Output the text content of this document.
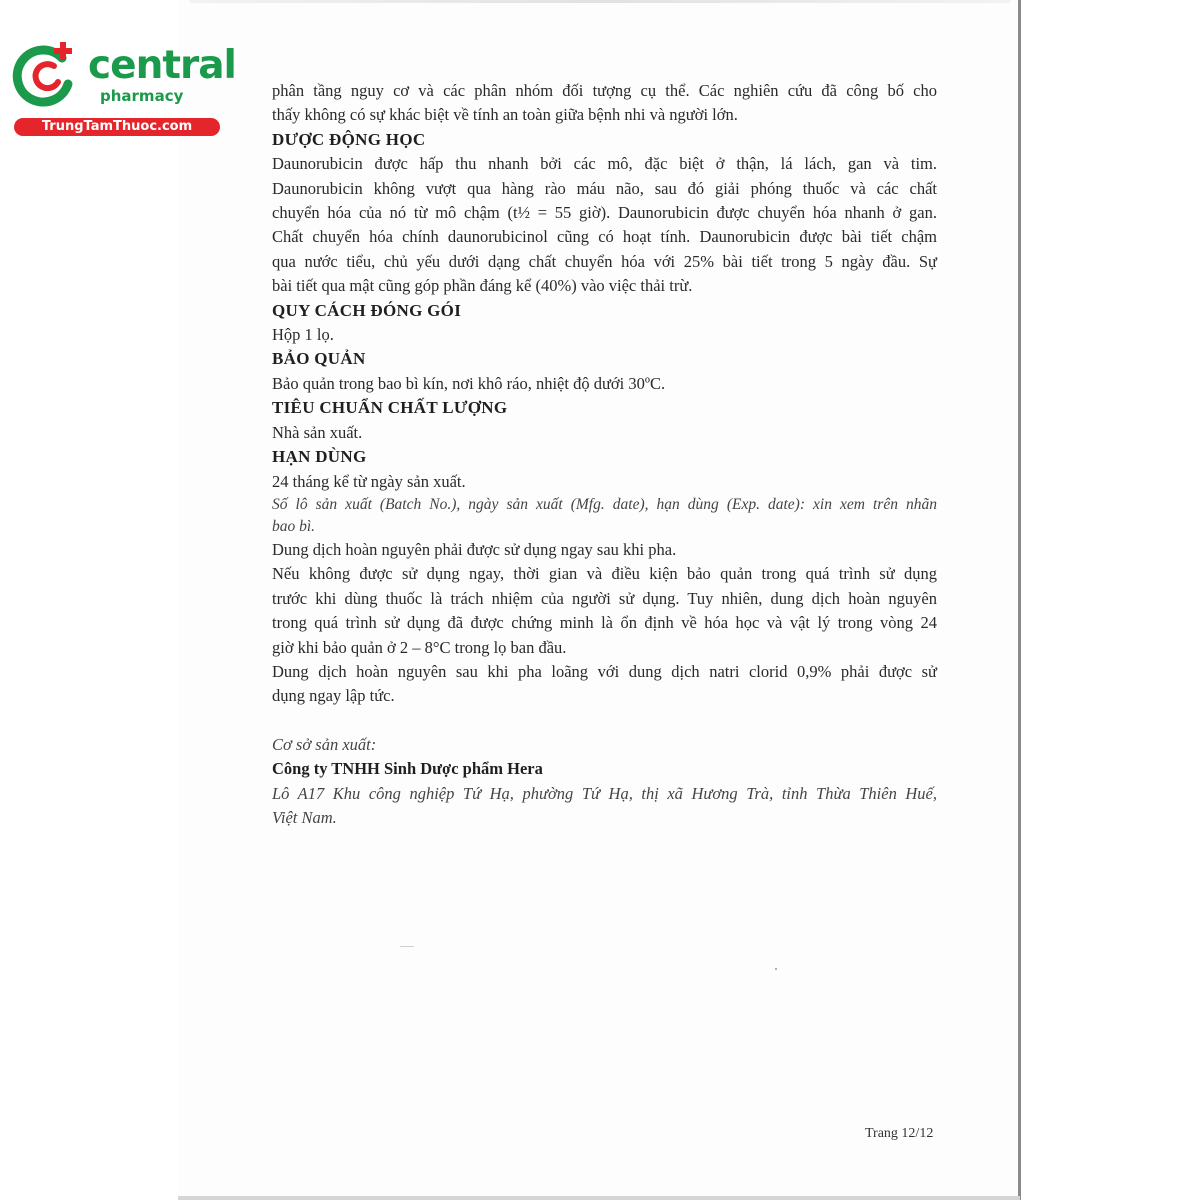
central
pharmacy
TrungTamThuoc.com

phân tầng nguy cơ và các phân nhóm đối tượng cụ thể. Các nghiên cứu đã công bố cho

thấy không có sự khác biệt về tính an toàn giữa bệnh nhi và người lớn.

DƯỢC ĐỘNG HỌC

Daunorubicin được hấp thu nhanh bởi các mô, đặc biệt ở thận, lá lách, gan và tim.

Daunorubicin không vượt qua hàng rào máu não, sau đó giải phóng thuốc và các chất

chuyển hóa của nó từ mô chậm (t½ = 55 giờ). Daunorubicin được chuyển hóa nhanh ở gan.

Chất chuyển hóa chính daunorubicinol cũng có hoạt tính. Daunorubicin được bài tiết chậm

qua nước tiểu, chủ yếu dưới dạng chất chuyển hóa với 25% bài tiết trong 5 ngày đầu. Sự

bài tiết qua mật cũng góp phần đáng kể (40%) vào việc thải trừ.

QUY CÁCH ĐÓNG GÓI

Hộp 1 lọ.

BẢO QUẢN

Bảo quản trong bao bì kín, nơi khô ráo, nhiệt độ dưới 30ºC.

TIÊU CHUẨN CHẤT LƯỢNG

Nhà sản xuất.

HẠN DÙNG

24 tháng kể từ ngày sản xuất.

Số lô sản xuất (Batch No.), ngày sản xuất (Mfg. date), hạn dùng (Exp. date): xin xem trên nhãn

bao bì.

Dung dịch hoàn nguyên phải được sử dụng ngay sau khi pha.

Nếu không được sử dụng ngay, thời gian và điều kiện bảo quản trong quá trình sử dụng

trước khi dùng thuốc là trách nhiệm của người sử dụng. Tuy nhiên, dung dịch hoàn nguyên

trong quá trình sử dụng đã được chứng minh là ổn định về hóa học và vật lý trong vòng 24

giờ khi bảo quản ở 2 – 8°C trong lọ ban đầu.

Dung dịch hoàn nguyên sau khi pha loãng với dung dịch natri clorid 0,9% phải được sử

dụng ngay lập tức.

Cơ sở sản xuất:

Công ty TNHH Sinh Dược phẩm Hera

Lô A17 Khu công nghiệp Tứ Hạ, phường Tứ Hạ, thị xã Hương Trà, tỉnh Thừa Thiên Huế,

Việt Nam.

Trang 12/12
